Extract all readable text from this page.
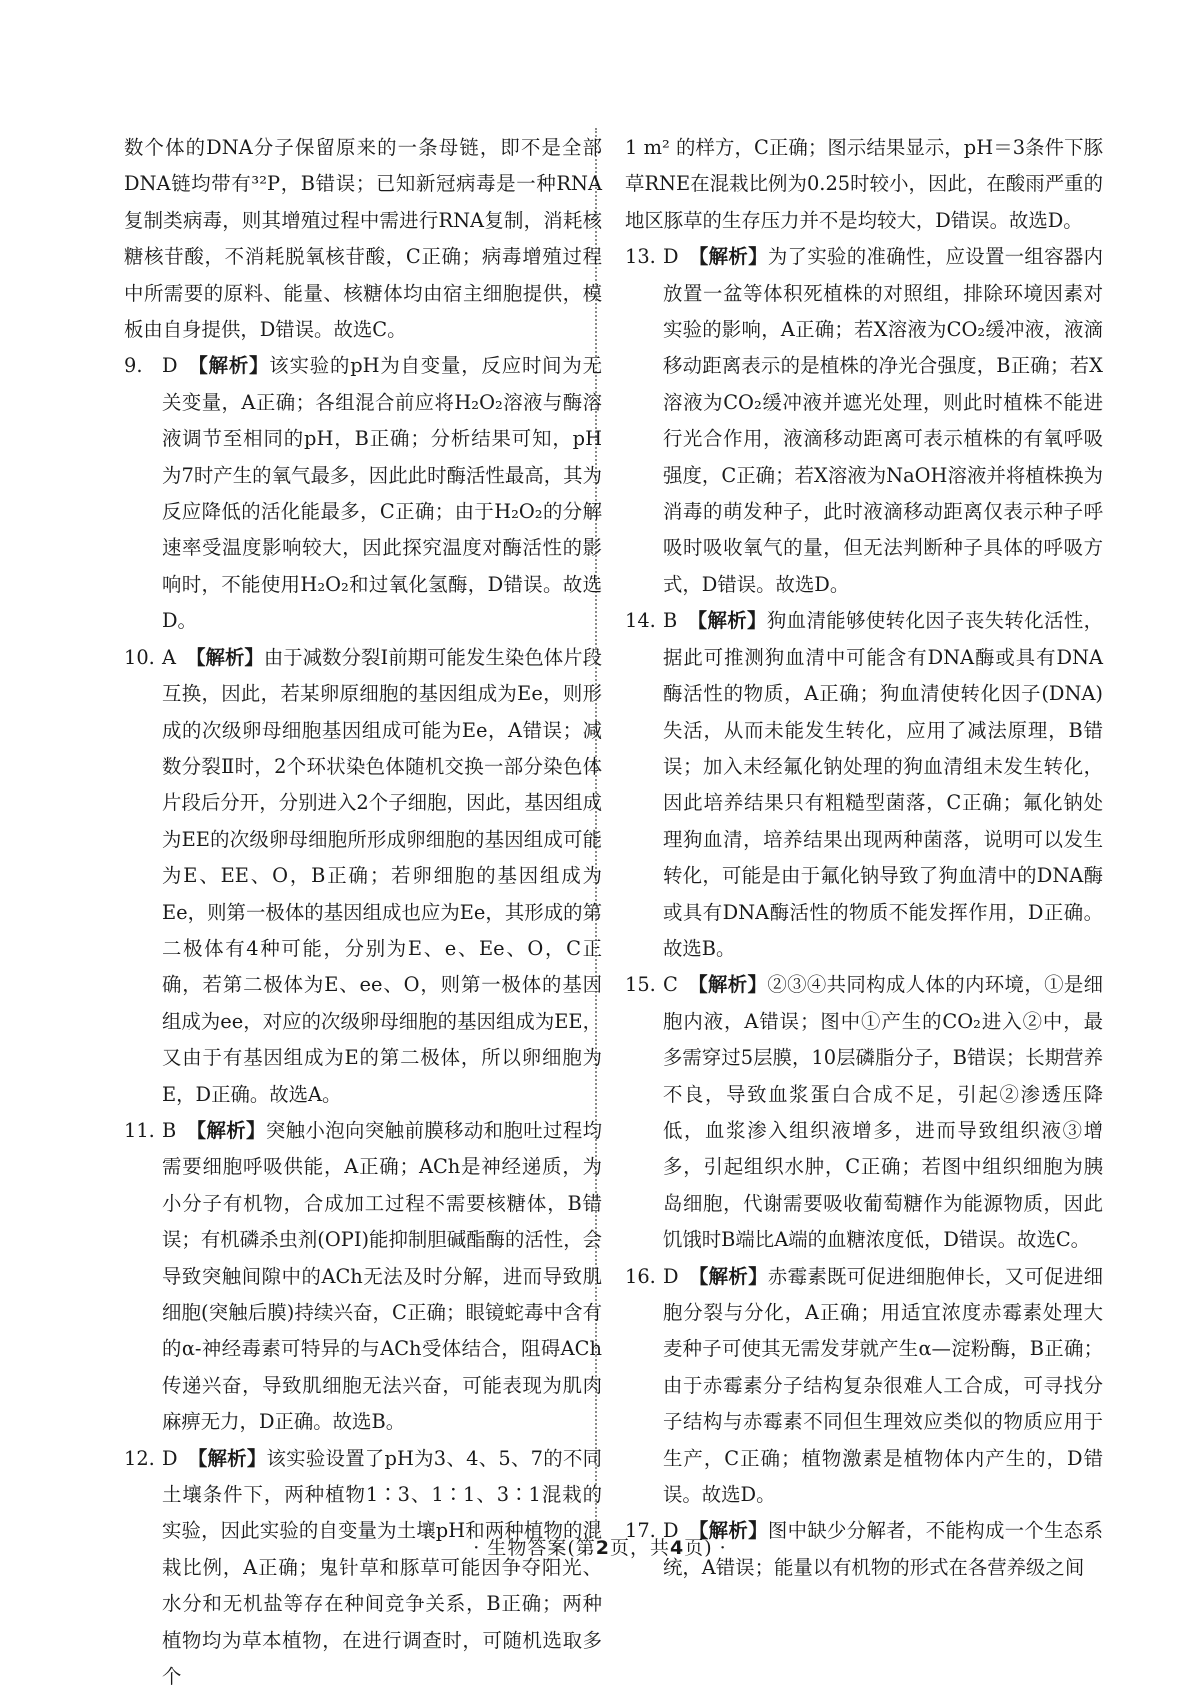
数个体的DNA分子保留原来的一条母链，即不是全部DNA链均带有³²P，B错误；已知新冠病毒是一种RNA复制类病毒，则其增殖过程中需进行RNA复制，消耗核糖核苷酸，不消耗脱氧核苷酸，C正确；病毒增殖过程中所需要的原料、能量、核糖体均由宿主细胞提供，模板由自身提供，D错误。故选C。

9. D 【解析】该实验的pH为自变量，反应时间为无关变量，A正确；各组混合前应将H₂O₂溶液与酶溶液调节至相同的pH，B正确；分析结果可知，pH为7时产生的氧气最多，因此此时酶活性最高，其为反应降低的活化能最多，C正确；由于H₂O₂的分解速率受温度影响较大，因此探究温度对酶活性的影响时，不能使用H₂O₂和过氧化氢酶，D错误。故选D。
10. A 【解析】由于减数分裂Ⅰ前期可能发生染色体片段互换，因此，若某卵原细胞的基因组成为Ee，则形成的次级卵母细胞基因组成可能为Ee，A错误；减数分裂Ⅱ时，2个环状染色体随机交换一部分染色体片段后分开，分别进入2个子细胞，因此，基因组成为EE的次级卵母细胞所形成卵细胞的基因组成可能为E、EE、O，B正确；若卵细胞的基因组成为Ee，则第一极体的基因组成也应为Ee，其形成的第二极体有4种可能，分别为E、e、Ee、O，C正确，若第二极体为E、ee、O，则第一极体的基因组成为ee，对应的次级卵母细胞的基因组成为EE，又由于有基因组成为E的第二极体，所以卵细胞为E，D正确。故选A。
11. B 【解析】突触小泡向突触前膜移动和胞吐过程均需要细胞呼吸供能，A正确；ACh是神经递质，为小分子有机物，合成加工过程不需要核糖体，B错误；有机磷杀虫剂(OPI)能抑制胆碱酯酶的活性，会导致突触间隙中的ACh无法及时分解，进而导致肌细胞(突触后膜)持续兴奋，C正确；眼镜蛇毒中含有的α-神经毒素可特异的与ACh受体结合，阻碍ACh传递兴奋，导致肌细胞无法兴奋，可能表现为肌肉麻痹无力，D正确。故选B。
12. D 【解析】该实验设置了pH为3、4、5、7的不同土壤条件下，两种植物1∶3、1∶1、3∶1混栽的实验，因此实验的自变量为土壤pH和两种植物的混栽比例，A正确；鬼针草和豚草可能因争夺阳光、水分和无机盐等存在种间竞争关系，B正确；两种植物均为草本植物，在进行调查时，可随机选取多个

1 m² 的样方，C正确；图示结果显示，pH＝3条件下豚草RNE在混栽比例为0.25时较小，因此，在酸雨严重的地区豚草的生存压力并不是均较大，D错误。故选D。

13. D 【解析】为了实验的准确性，应设置一组容器内放置一盆等体积死植株的对照组，排除环境因素对实验的影响，A正确；若X溶液为CO₂缓冲液，液滴移动距离表示的是植株的净光合强度，B正确；若X溶液为CO₂缓冲液并遮光处理，则此时植株不能进行光合作用，液滴移动距离可表示植株的有氧呼吸强度，C正确；若X溶液为NaOH溶液并将植株换为消毒的萌发种子，此时液滴移动距离仅表示种子呼吸时吸收氧气的量，但无法判断种子具体的呼吸方式，D错误。故选D。
14. B 【解析】狗血清能够使转化因子丧失转化活性，据此可推测狗血清中可能含有DNA酶或具有DNA酶活性的物质，A正确；狗血清使转化因子(DNA)失活，从而未能发生转化，应用了减法原理，B错误；加入未经氟化钠处理的狗血清组未发生转化，因此培养结果只有粗糙型菌落，C正确；氟化钠处理狗血清，培养结果出现两种菌落，说明可以发生转化，可能是由于氟化钠导致了狗血清中的DNA酶或具有DNA酶活性的物质不能发挥作用，D正确。故选B。
15. C 【解析】②③④共同构成人体的内环境，①是细胞内液，A错误；图中①产生的CO₂进入②中，最多需穿过5层膜，10层磷脂分子，B错误；长期营养不良，导致血浆蛋白合成不足，引起②渗透压降低，血浆渗入组织液增多，进而导致组织液③增多，引起组织水肿，C正确；若图中组织细胞为胰岛细胞，代谢需要吸收葡萄糖作为能源物质，因此饥饿时B端比A端的血糖浓度低，D错误。故选C。
16. D 【解析】赤霉素既可促进细胞伸长，又可促进细胞分裂与分化，A正确；用适宜浓度赤霉素处理大麦种子可使其无需发芽就产生α—淀粉酶，B正确；由于赤霉素分子结构复杂很难人工合成，可寻找分子结构与赤霉素不同但生理效应类似的物质应用于生产，C正确；植物激素是植物体内产生的，D错误。故选D。
17. D 【解析】图中缺少分解者，不能构成一个生态系统，A错误；能量以有机物的形式在各营养级之间
· 生物答案(第2页，共4页) ·
